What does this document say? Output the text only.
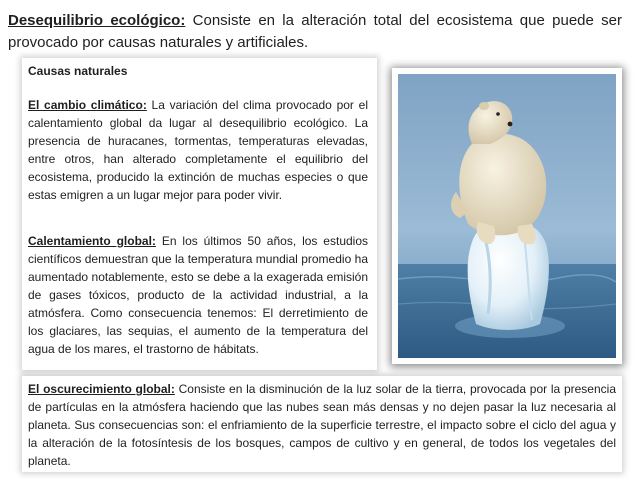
Desequilibrio ecológico: Consiste en la alteración total del ecosistema que puede ser provocado por causas naturales y artificiales.
Causas naturales
El cambio climático: La variación del clima provocado por el calentamiento global da lugar al desequilibrio ecológico. La presencia de huracanes, tormentas, temperaturas elevadas, entre otros, han alterado completamente el equilibrio del ecosistema, producido la extinción de muchas especies o que estas emigren a un lugar mejor para poder vivir.
Calentamiento global: En los últimos 50 años, los estudios científicos demuestran que la temperatura mundial promedio ha aumentado notablemente, esto se debe a la exagerada emisión de gases tóxicos, producto de la actividad industrial, a la atmósfera. Como consecuencia tenemos: El derretimiento de los glaciares, las sequias, el aumento de la temperatura del agua de los mares, el trastorno de hábitats.
El oscurecimiento global: Consiste en la disminución de la luz solar de la tierra, provocada por la presencia de partículas en la atmósfera haciendo que las nubes sean más densas y no dejen pasar la luz necesaria al planeta. Sus consecuencias son: el enfriamiento de la superficie terrestre, el impacto sobre el ciclo del agua y la alteración de la fotosíntesis de los bosques, campos de cultivo y en general, de todos los vegetales del planeta.
